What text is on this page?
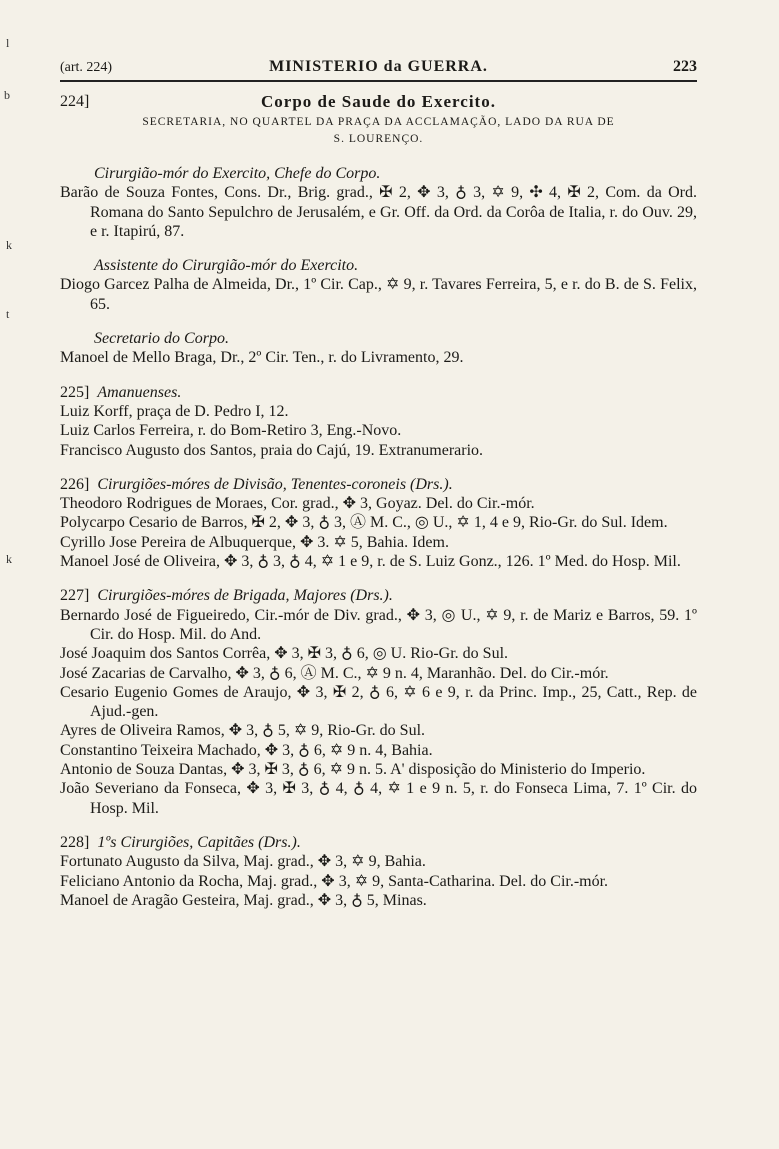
l
b
k
k
t
(art. 224)	MINISTERIO da GUERRA.	223
224]	Corpo de Saude do Exercito.
SECRETARIA, NO QUARTEL DA PRAÇA DA ACCLAMAÇÃO, LADO DA RUA DE
S. LOURENÇO.
Cirurgião-mór do Exercito, Chefe do Corpo.
Barão de Souza Fontes, Cons. Dr., Brig. grad., ✠ 2, ✥ 3, ♁ 3, ✡ 9, ✣ 4, ✠ 2, Com. da Ord. Romana do Santo Sepulchro de Jerusalém, e Gr. Off. da Ord. da Corôa de Italia, r. do Ouv. 29, e r. Itapirú, 87.
Assistente do Cirurgião-mór do Exercito.
Diogo Garcez Palha de Almeida, Dr., 1º Cir. Cap., ✡ 9, r. Tavares Ferreira, 5, e r. do B. de S. Felix, 65.
Secretario do Corpo.
Manoel de Mello Braga, Dr., 2º Cir. Ten., r. do Livramento, 29.
225] Amanuenses.
Luiz Korff, praça de D. Pedro I, 12.
Luiz Carlos Ferreira, r. do Bom-Retiro 3, Eng.-Novo.
Francisco Augusto dos Santos, praia do Cajú, 19. Extranumerario.
226] Cirurgiões-móres de Divisão, Tenentes-coroneis (Drs.).
Theodoro Rodrigues de Moraes, Cor. grad., ✥ 3, Goyaz. Del. do Cir.-mór.
Polycarpo Cesario de Barros, ✠ 2, ✥ 3, ♁ 3, Ⓐ M. C., ◎ U., ✡ 1, 4 e 9, Rio-Gr. do Sul. Idem.
Cyrillo Jose Pereira de Albuquerque, ✥ 3. ✡ 5, Bahia. Idem.
Manoel José de Oliveira, ✥ 3, ♁ 3, ♁ 4, ✡ 1 e 9, r. de S. Luiz Gonz., 126. 1º Med. do Hosp. Mil.
227] Cirurgiões-móres de Brigada, Majores (Drs.).
Bernardo José de Figueiredo, Cir.-mór de Div. grad., ✥ 3, ◎ U., ✡ 9, r. de Mariz e Barros, 59. 1º Cir. do Hosp. Mil. do And.
José Joaquim dos Santos Corrêa, ✥ 3, ✠ 3, ♁ 6, ◎ U. Rio-Gr. do Sul.
José Zacarias de Carvalho, ✥ 3, ♁ 6, Ⓐ M. C., ✡ 9 n. 4, Maranhão. Del. do Cir.-mór.
Cesario Eugenio Gomes de Araujo, ✥ 3, ✠ 2, ♁ 6, ✡ 6 e 9, r. da Princ. Imp., 25, Catt., Rep. de Ajud.-gen.
Ayres de Oliveira Ramos, ✥ 3, ♁ 5, ✡ 9, Rio-Gr. do Sul.
Constantino Teixeira Machado, ✥ 3, ♁ 6, ✡ 9 n. 4, Bahia.
Antonio de Souza Dantas, ✥ 3, ✠ 3, ♁ 6, ✡ 9 n. 5. A' disposição do Ministerio do Imperio.
João Severiano da Fonseca, ✥ 3, ✠ 3, ♁ 4, ♁ 4, ✡ 1 e 9 n. 5, r. do Fonseca Lima, 7. 1º Cir. do Hosp. Mil.
228] 1ºs Cirurgiões, Capitães (Drs.).
Fortunato Augusto da Silva, Maj. grad., ✥ 3, ✡ 9, Bahia.
Feliciano Antonio da Rocha, Maj. grad., ✥ 3, ✡ 9, Santa-Catharina. Del. do Cir.-mór.
Manoel de Aragão Gesteira, Maj. grad., ✥ 3, ♁ 5, Minas.
